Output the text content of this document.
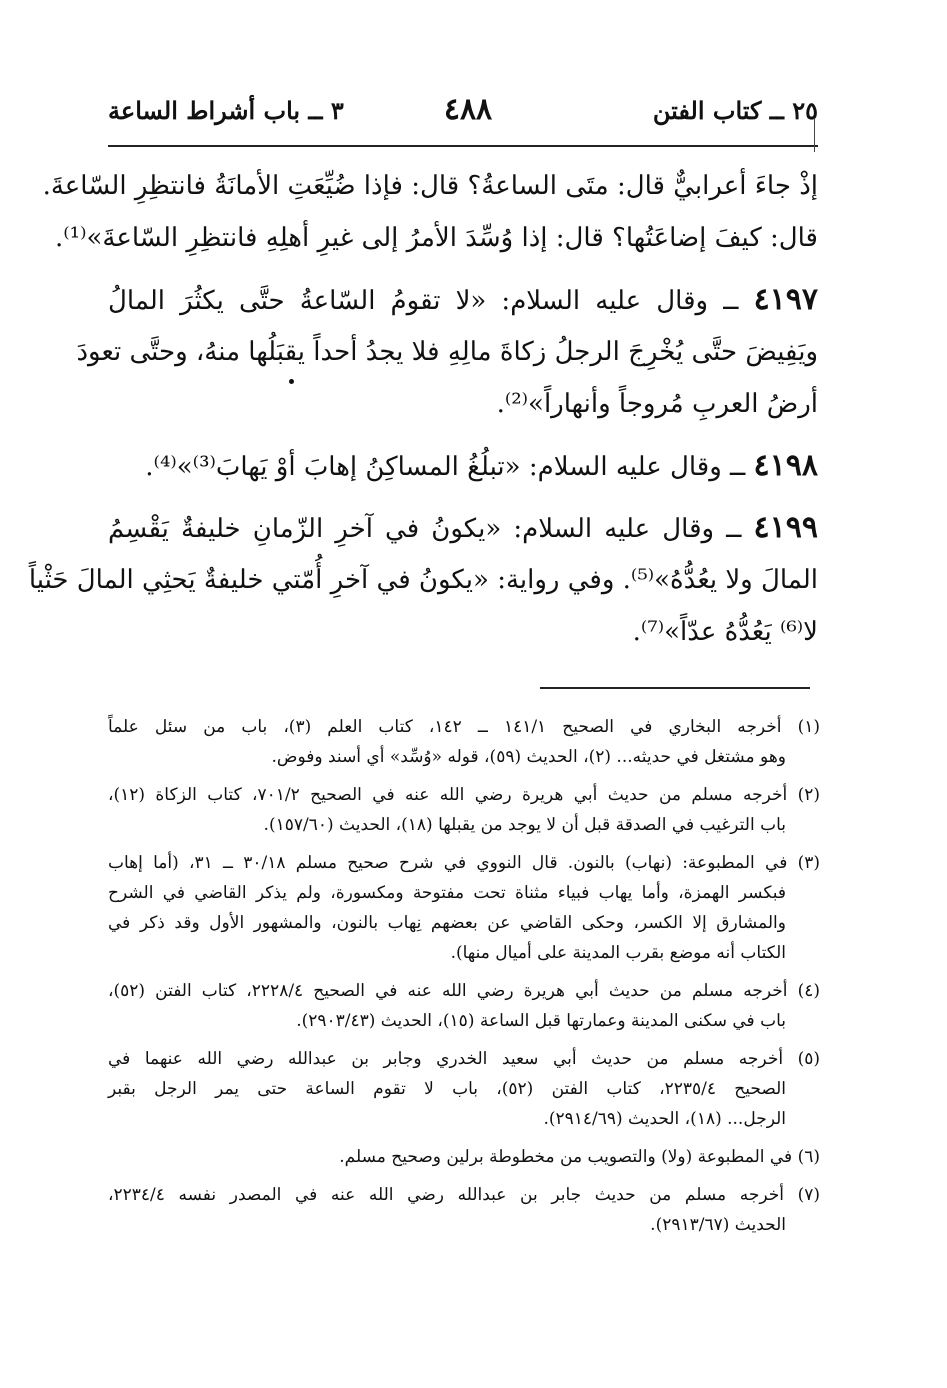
٢٥ ــ كتاب الفتن
٤٨٨
٣ ــ باب أشراط الساعة
إذْ جاءَ أعرابيٌّ قال: متَى الساعةُ؟ قال: فإذا ضُيِّعَتِ الأمانَةُ فانتظِرِ السّاعةَ.
قال: كيفَ إضاعَتُها؟ قال: إذا وُسِّدَ الأمرُ إلى غيرِ أهلِهِ فانتظِرِ السّاعةَ»⁽¹⁾.
٤١٩٧ ــ وقال عليه السلام: «لا تقومُ السّاعةُ حتَّى يكثُرَ المالُ
ويَفِيضَ حتَّى يُخْرِجَ الرجلُ زكاةَ مالِهِ فلا يجدُ أحداً يقبَلُها منهُ، وحتَّى تعودَ
أرضُ العربِ مُروجاً وأنهاراً»⁽²⁾.
٤١٩٨ ــ وقال عليه السلام: «تبلُغُ المساكِنُ إهابَ أوْ يَهابَ⁽³⁾»⁽⁴⁾.
٤١٩٩ ــ وقال عليه السلام: «يكونُ في آخرِ الزّمانِ خليفةٌ يَقْسِمُ
المالَ ولا يعُدُّهُ»⁽⁵⁾. وفي رواية: «يكونُ في آخرِ أُمّتي خليفةٌ يَحثِي المالَ حَثْياً
لا⁽⁶⁾ يَعُدُّهُ عدّاً»⁽⁷⁾.
(١) أخرجه البخاري في الصحيح ١٤١/١ ــ ١٤٢، كتاب العلم (٣)، باب من سئل علماً
وهو مشتغل في حديثه... (٢)، الحديث (٥٩)، قوله «وُسِّد» أي أسند وفوض.
(٢) أخرجه مسلم من حديث أبي هريرة رضي الله عنه في الصحيح ٧٠١/٢، كتاب الزكاة (١٢)،
باب الترغيب في الصدقة قبل أن لا يوجد من يقبلها (١٨)، الحديث (١٥٧/٦٠).
(٣) في المطبوعة: (نهاب) بالنون. قال النووي في شرح صحيح مسلم ٣٠/١٨ ــ ٣١، (أما إهاب
فبكسر الهمزة، وأما يهاب فبياء مثناة تحت مفتوحة ومكسورة، ولم يذكر القاضي في الشرح
والمشارق إلا الكسر، وحكى القاضي عن بعضهم نِهاب بالنون، والمشهور الأول وقد ذكر في
الكتاب أنه موضع بقرب المدينة على أميال منها).
(٤) أخرجه مسلم من حديث أبي هريرة رضي الله عنه في الصحيح ٢٢٢٨/٤، كتاب الفتن (٥٢)،
باب في سكنى المدينة وعمارتها قبل الساعة (١٥)، الحديث (٢٩٠٣/٤٣).
(٥) أخرجه مسلم من حديث أبي سعيد الخدري وجابر بن عبدالله رضي الله عنهما في
الصحيح ٢٢٣٥/٤، كتاب الفتن (٥٢)، باب لا تقوم الساعة حتى يمر الرجل بقبر
الرجل... (١٨)، الحديث (٢٩١٤/٦٩).
(٦) في المطبوعة (ولا) والتصويب من مخطوطة برلين وصحيح مسلم.
(٧) أخرجه مسلم من حديث جابر بن عبدالله رضي الله عنه في المصدر نفسه ٢٢٣٤/٤،
الحديث (٢٩١٣/٦٧).
